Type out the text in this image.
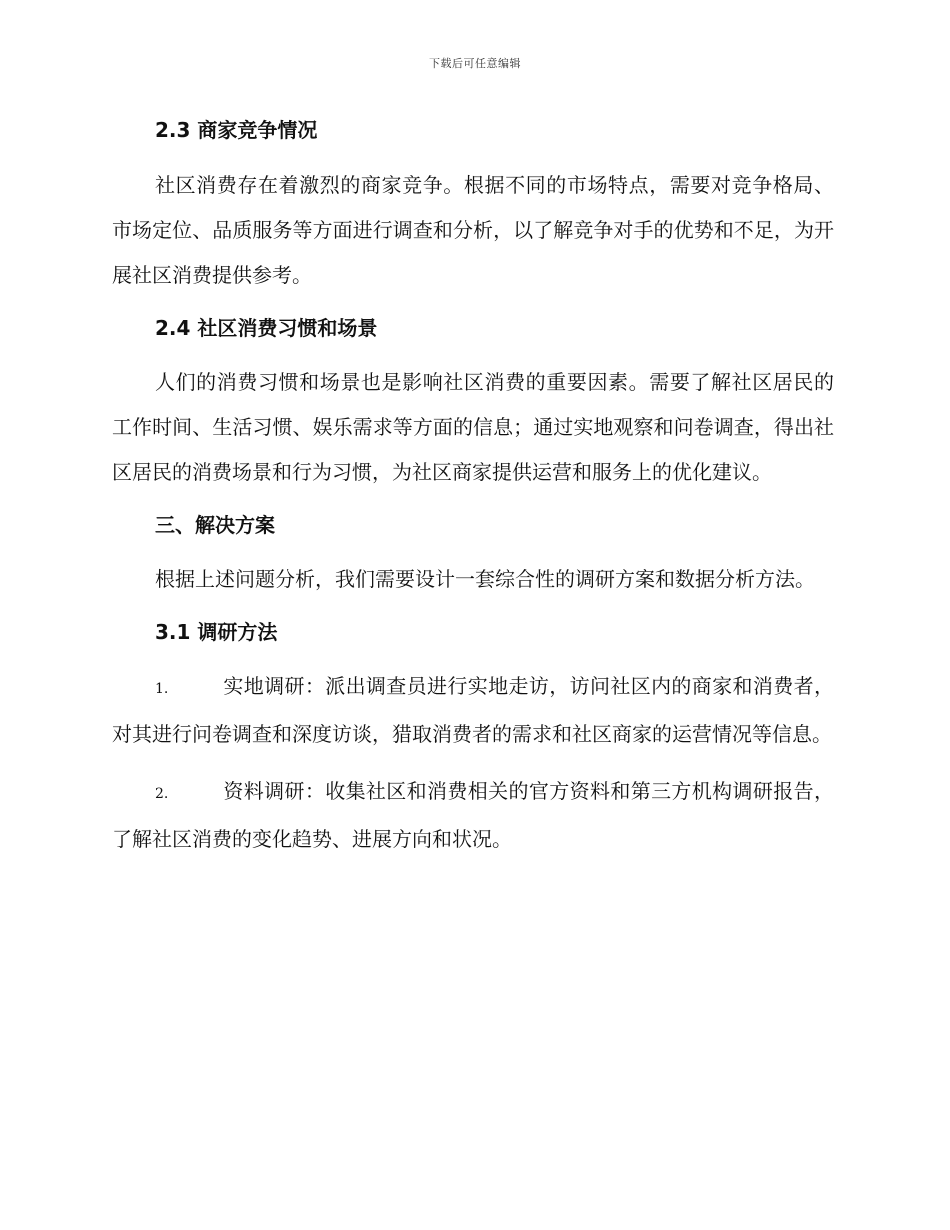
下载后可任意编辑
2.3 商家竞争情况

社区消费存在着激烈的商家竞争。根据不同的市场特点，需要对竞争格局、市场定位、品质服务等方面进行调查和分析，以了解竞争对手的优势和不足，为开展社区消费提供参考。

2.4 社区消费习惯和场景

人们的消费习惯和场景也是影响社区消费的重要因素。需要了解社区居民的工作时间、生活习惯、娱乐需求等方面的信息；通过实地观察和问卷调查，得出社区居民的消费场景和行为习惯，为社区商家提供运营和服务上的优化建议。

三、解决方案

根据上述问题分析，我们需要设计一套综合性的调研方案和数据分析方法。

3.1 调研方法

1.	实地调研：派出调查员进行实地走访，访问社区内的商家和消费者，对其进行问卷调查和深度访谈，猎取消费者的需求和社区商家的运营情况等信息。

2.	资料调研：收集社区和消费相关的官方资料和第三方机构调研报告，了解社区消费的变化趋势、进展方向和状况。
